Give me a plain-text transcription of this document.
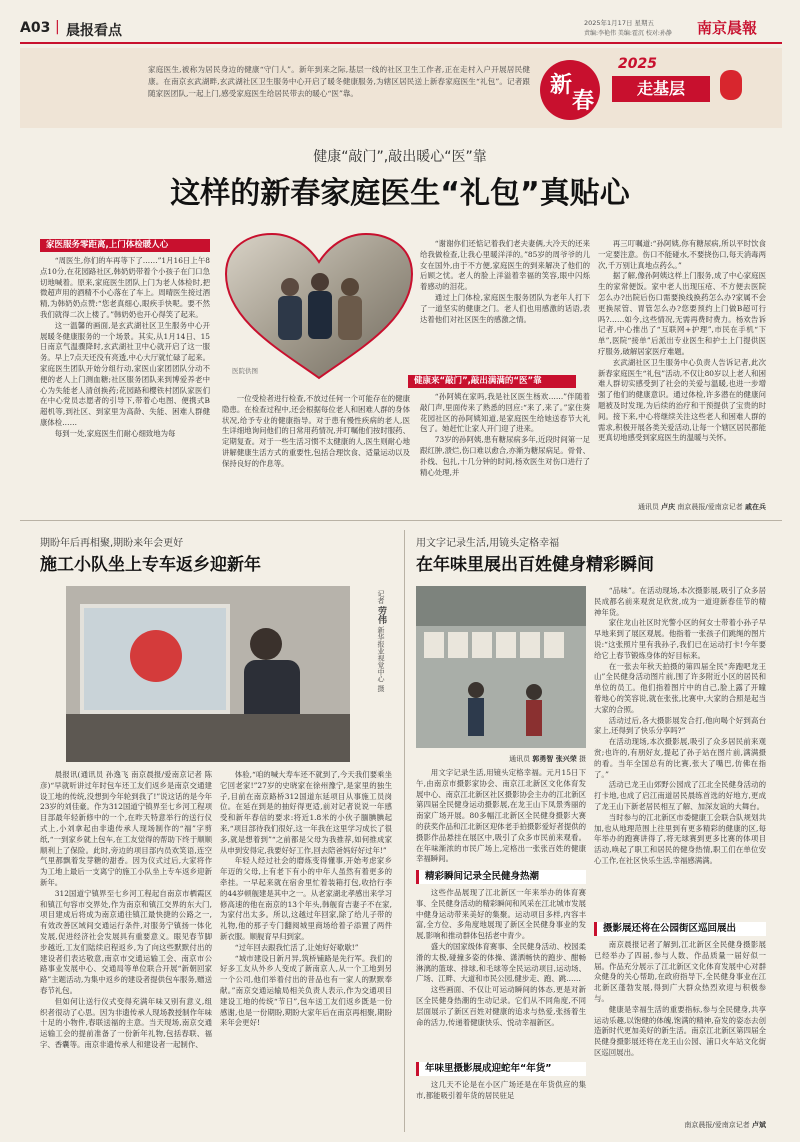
A03 | 晨报看点	2025年1月17日 星期五
责编:李艳伟 美编:霍沉 校对:孙静 南京晨報
家庭医生,被称为居民身边的健康“守门人”。新年到来之际,基层一线的社区卫生工作者,正在走村入户开展居民健康。在南京玄武湖畔,玄武湖社区卫生服务中心开启了暖冬健康服务,为辖区居民送上新春家庭医生“礼包”。记者跟随家医团队,一起上门,感受家庭医生给居民带去的暖心“医”靠。	新
春
2025
走基层
健康“敲门”,敲出暖心“医”靠
这样的新春家庭医生“礼包”真贴心
家医服务零距离,上门体检暖人心

“周医生,你们的车再等下了……”1月16日上午8点10分,在花园路社区,韩奶奶带着个小孩子在门口急切地喊着。原来,家庭医生团队上门为老人体检时,把微超声用的酒精不小心落在了车上。周晴医生接过酒精,为韩奶奶点赞:“您老真细心,眼疾手快呢。要不然我们就得二次上楼了。”韩奶奶也开心得笑了起来。

这一温馨的画面,是玄武湖社区卫生服务中心开展暖冬健康服务的一个场景。其实,从1月14日、15日南京气温骤降时,玄武湖社卫中心就开启了这一服务。早上7点天还没有亮透,中心大厅就忙碌了起来。家庭医生团队开始分组行动,家医山家团团队分动不便的老人上门测血糖;社区服务团队来到博爱养老中心为失能老人清创换药;花园路和樱铁村团队家医们在中心党员志愿者的引导下,带着心电图、便携式B超机等,到社区、到家里为高龄、失能、困难人群健康体检……

每到一处,家庭医生们耐心细致地为每

医院供图

一位受检者进行检查,不放过任何一个可能存在的健康隐患。在检查过程中,还会根据每位老人和困难人群的身体状况,给予专业的健康指导。对于患有慢性疾病的老人,医生详细地询问他们的日常用药情况,并叮嘱他们按时服药、定期复查。对于一些生活习惯不太健康的人,医生则耐心地讲解健康生活方式的重要性,包括合理饮食、适量运动以及保持良好的作息等。

“谢谢你们还惦记着我们老夫妻俩,大冷天的还来给我做检查,让我心里暖洋洋的。”85岁的周爷爷的儿女在国外,由于不方便,家庭医生的到来解决了他们的后顾之忧。老人的脸上洋溢着幸福的笑容,眼中闪烁着感动的泪花。

通过上门体检,家庭医生服务团队为老年人打下了一道坚实的健康之门。老人们也用感激的话语,表达着他们对社区医生的感激之情。

健康来“敲门”,敲出满满的“医”靠

“孙阿姨在家吗,我是社区医生杨欢……”伴随着敲门声,里面传来了熟悉的回应:“来了,来了。”家住葵花园社区的孙阿姨知道,是家庭医生给她送春节大礼包了。她赶忙让家人开门迎了进来。

73岁的孙阿姨,患有糖尿病多年,近段时间第一足跟红肿,溃烂,伤口难以愈合,亦渐为糖尿病足。骨骨、扑线、包扎,十几分钟的时间,杨欢医生对伤口进行了精心处理,并

再三叮嘱道:“孙阿姨,你有糖尿病,所以平时饮食一定要注意。伤口不能碰水,不要挠伤口,每天消毒两次,千万别让真地点药么。”

据了解,像孙阿姨这样上门服务,成了中心家庭医生的家常便饭。家中老人出现压疮、不方便去医院怎么办?出院后伤口需要换线换药怎么办?家属不会更换尿管、胃管怎么办?您要预约上门做B超可行吗?……如今,这些情况,无需再费时费力。杨欢告诉记者,中心推出了“互联网+护理”,市民在手机“下单”,医院“接单”后派出专业医生和护士上门提供医疗服务,破解居家医疗难题。

玄武湖社区卫生服务中心负责人告诉记者,此次新春家庭医生“礼包”活动,不仅让80岁以上老人和困难人群切实感受到了社会的关爱与温暖,也进一步增强了他们的健康意识。通过体检,许多潜在的健康问题被及时发现,为后续的治疗和干预提供了宝贵的时间。接下来,中心将继续关注这些老人和困难人群的需求,积极开展各类关爱活动,让每一个辖区居民都能更真切地感受到家庭医生的温暖与关怀。

通讯员 卢庆 南京晨报/爱南京记者 戚在兵
期盼年后再相聚,期盼来年会更好
施工小队坐上专车返乡迎新年
记者 劳伟 新华报业视觉中心 摄

晨报讯(通讯员 孙逸飞 南京晨报/爱南京记者 陈彦)“早就听讲过年时包车还工友们返乡是南京交通建设工地的传统,没想到今年轮到我了!”说这话的是今年23岁的刘佳豪。作为312国道宁镇界至七乡河工程项目部最年轻新修中的一个,在昨天特意举行的送行仪式上,小刘拿起由非遗传承人现场制作的“福”字剪纸,“一到家乡就上包车,在工友觉得的帮助下终于顺顺顺利上了保险。此时,旁边的项目部内员欢笑语,连空气里都飘着发芽糖的甜香。因为仪式过后,大家将作为工地上最后一支离宁的施工小队坐上专车返乡迎新新年。

312国道宁镇界至七乡河工程起自南京市栖霞区和镇江句容市交界处,作为南京和镇江交界的东大门,项目建成后将成为南京通往镇江最快捷的公路之一,有效改善区域间交通运行条件,对服务宁镇扬一体化发展,促进经济社会发展具有重要意义。眼见春节脚步越近,工友们陆续启程返乡,为了向这些默默付出的建设者们表达敬意,南京市交通运输工会、南京市公路事业发展中心、交通局等单位联合开展“新朝回家路”主题活动,为集中返乡的建设者提供包车服务,赠送春节礼包。

但如何让送行仪式变得充满年味又别有意义,组织者很动了心思。因为非遗传承人现场教授制作年味十足的小物件,春联送福的主意。当天现场,南京交通运输工会的提前准备了一份新年礼物,包括春联、福字、香囊等。南京非遗传承人和建设者一起制作、

体验,“咱的喊大寿车还不就到了,今天我们要乘坐它回老家!”27岁的史晓家在徐州豫宁,是家里的独生子,目前在南京路桥312国道东延项目从事施工员岗位。在延在到是的抽好得更适,前对记者说说一年感受和新年春信的要求:将近1.8米的小伙子腼腆腆起来,“项目部待我们很好,这一年我在这里学习成长了很多,就是想着到”“之前都是父母为我推荐,如何推成家从申到安得定,我要好好工作,回去陪爸妈好好过年!”

年轻人经过社会的磨炼变得懂事,开始考虑家乡年迈的父母,上有老下有小的中年人虽然有着更多的牵挂。一早起来就在宿舍里忙着装箱打包,收拾行李的44岁顿舰建是其中之一。从老家湖北孝感出来学习修高速的他在南京的13个年头,韩舰育吉妻子不在家,为家付出太多。所以,这越过年回家,除了给儿子带的礼物,他的那子专门翻阅城里商场给着子添置了两件新衣服。顺舰育早归到家。

“过年回去跟我忙活了,让她好好歇歇!”

“城市建设日新月异,筑桥铺路是先行军。我们的好多工友从外乡人变成了新南京人,从一个工地到另一个公司,他们举着付出的昔品也有一家人的默默奉献。”南京交通运输局相关负责人表示,作为交通项目建设工地的传统“节日”,包车送工友们返乡既是一份感谢,也是一份期盼,期盼大家年后在南京再相聚,期盼来年会更好!

用文字记录生活,用镜头定格幸福
在年味里展出百姓健身精彩瞬间
通讯员 郭勇智 张兴荣 摄

用文字记录生活,用镜头定格幸福。元月15日下午,由南京市摄影家协会、南京江北新区文化体育发展中心、南京江北新区社区摄影协会主办的江北新区第四届全民健身运动摄影展,在龙王山下凤景秀丽的南家广场开展。80多幅江北新区全民健身摄影大赛的获奖作品和江北新区迎体老手拍摄影爱好者提供的摄影作品悬挂在展区中,吸引了众多市民前来观看。在年味渐浓的市民广场上,定格出一张张百姓的健康幸福瞬间。

精彩瞬间记录全民健身热潮

这些作品展现了江北新区一年来举办的体育赛事、全民健身活动的精彩瞬间和风采在江北城市发展中健身运动带来美好的集聚。运动项目多样,内容丰富,全方位、多角度地展现了新区全民健身事业的发展,影响和推动群体包括老中青少。

盛大的国家级体育赛事、全民健身活动、校园柔滑的太极,碰撞多姿的体操、潇洒畅快的跑步、酣畅淋漓的篮球、排球,和毛球等全民运动项目,运动场、广场、江畔、大道和市民公园,健步走、跑、跳……

这些画面、不仅让可运动瞬间的体态,更是对新区全民健身热潮的生动记录。它们从不同角度,不同层面展示了新区百姓对健康的追求与热爱,张扬着生命的活力,传递着健康快乐、悦动幸福新区。

年味里摄影展成迎蛇年“年货”

这几天不论是在小区广场还是在年货供应的集市,都能吸引着年货的居民驻足

“品味”。在活动现场,本次摄影展,吸引了众多居民成都名前来观赏足欣赏,成为一道迎新春佳节的精神年货。

家住龙山社区时光警小区的何女士带着小孙子早早地来到了展区观展。他指着一张孩子们跳绳的图片说:“这张照片里有我孙子,我们已在运动打卡!今年要给它上春节锻炼身体的好目标来。

在一张去年秋天拍摄的第四届全民“奔跑吧龙王山”全民健身活动图片前,围了许多附近小区的居民和单位的员工。他们指着图片中的自己,脸上露了开瞳着地心的笑容说,就在张张,比赛中,大家的合照是起当大家的合照。

活动过后,各大摄影展发合打,他向喝个好到高台家上,还得到了快乐分享吗?”

在活动现场,本次摄影展,吸引了众多居民前来观赏;也许的,有朋好友,提起了孙子站在图片前,满满摄的看。当年全国总有的比赛,张大了嘴巴,仿佛在指了。”

活动已龙王山郊野公园成了江北全民健身活动的打卡地,也成了启江南道居民晨练首选的好地方,更成了龙王山下新老居民相互了解、加深友谊的大舞台。

当时参与的江北新区市委健康工会联合队规划共加,也从地理范围上往里到有更多精彩的健康的区,每年举办的跑赛讲得了,将无球赛到更多比赛的体项目活动,唤起了职工和居民的健身热情,职工们在单位安心工作,在社区快乐生活,幸福感满满。

摄影展还将在公园街区巡回展出

南京晨报记者了解到,江北新区全民健身摄影展已经举办了四届,参与人数、作品质量一届好似一届。作品充分展示了江北新区文化体育发展中心对群众健身的关心帮助,在政府指导下,全民健身事业在江北新区蓬勃发展,得到广大群众热烈欢迎与积极参与。

健康是幸福生活的重要指标,参与全民健身,共享运动乐趣,以饱健的体魄,饱满的精神,奋发的姿态去创造新时代更加美好的新生活。南京江北新区第四届全民健身摄影展还将在龙王山公园、浦口火车站文化街区巡回展出。

南京晨报/爱南京记者 卢斌
